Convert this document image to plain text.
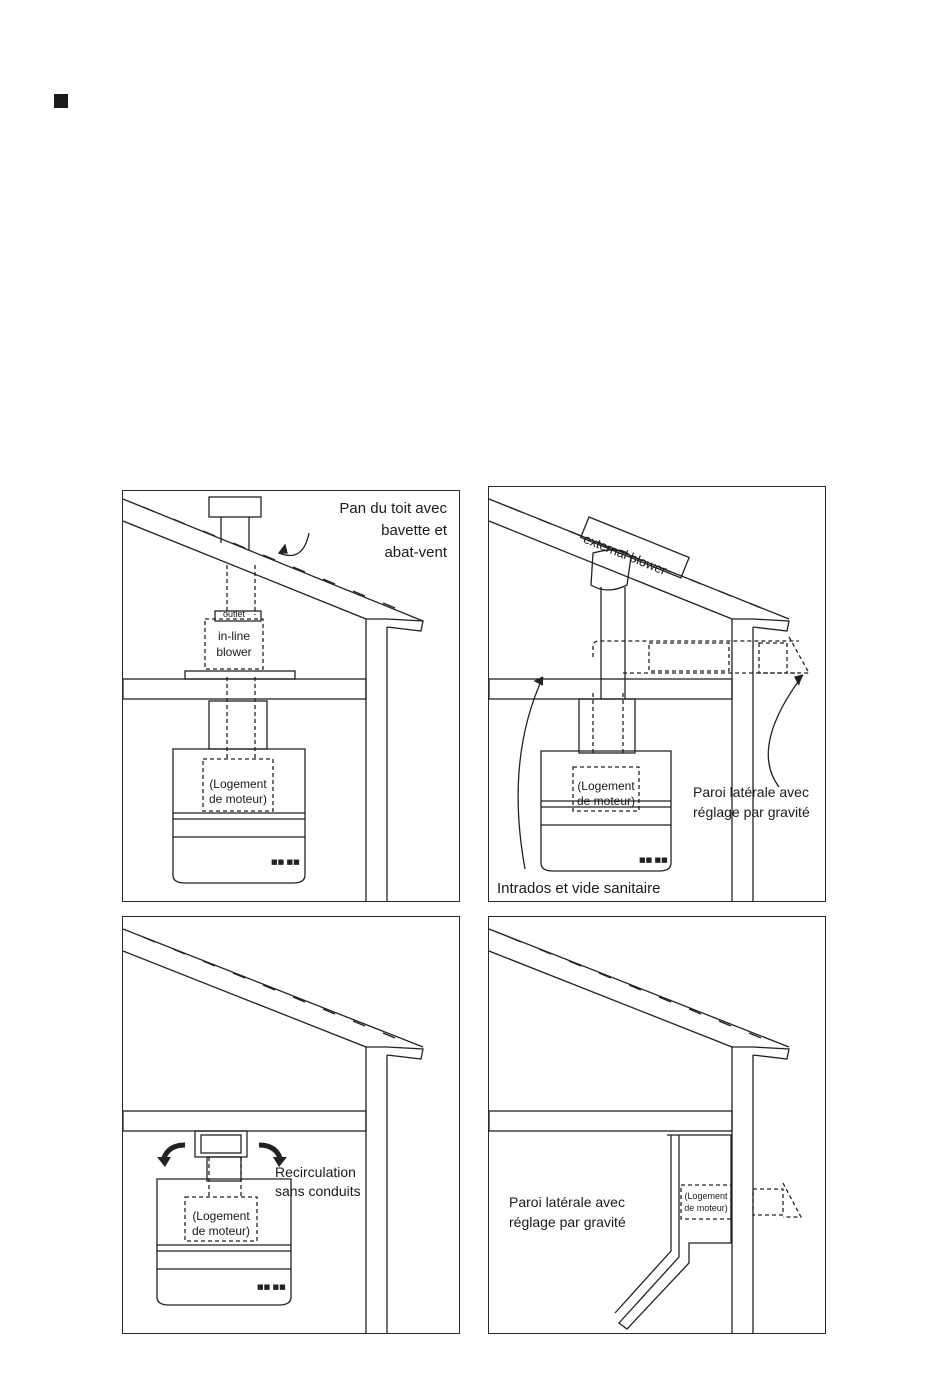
■■ ■■
Pan du toit avec
bavette et
abat-vent
outlet
in-line
blower
(Logement
de moteur)
■■ ■■
external blower
(Logement
de moteur)
Paroi latérale avec
réglage par gravité
Intrados et vide sanitaire
■■ ■■
Recirculation
sans conduits
(Logement
de moteur)
Paroi latérale avec
réglage par gravité
(Logement
de moteur)
